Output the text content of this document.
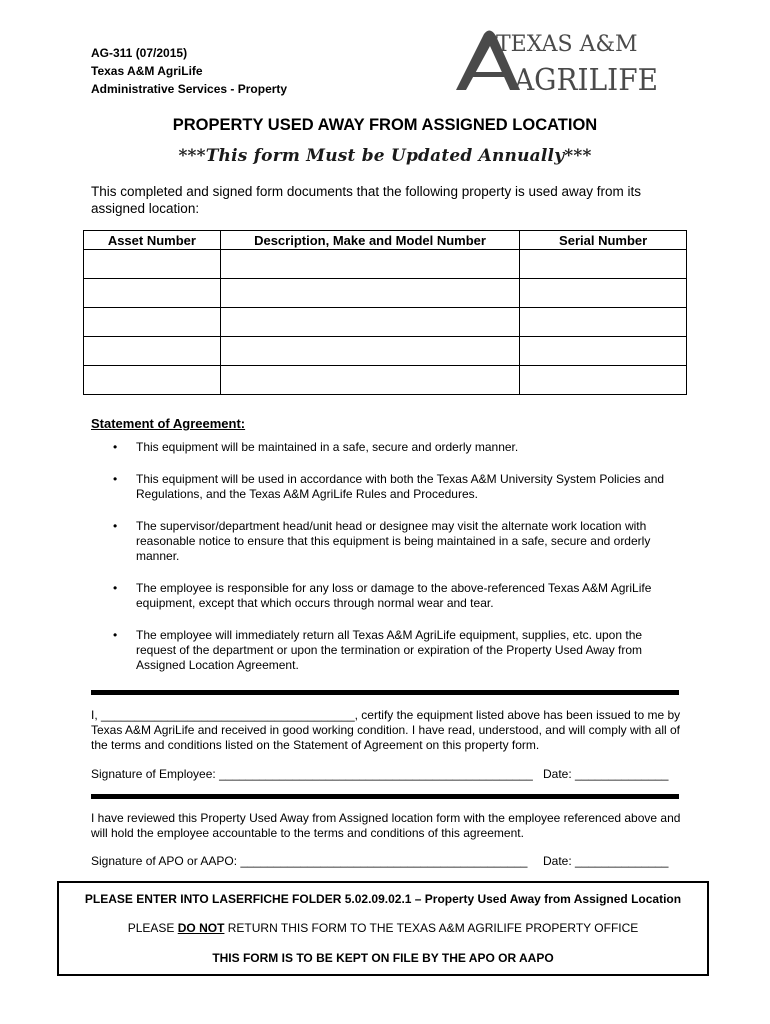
AG-311 (07/2015)
Texas A&M AgriLife
Administrative Services - Property
TEXAS A&M
AGRILIFE
PROPERTY USED AWAY FROM ASSIGNED LOCATION
***This form Must be Updated Annually***
This completed and signed form documents that the following property is used away from its assigned location:
Asset Number	Description, Make and Model Number	Serial Number

Statement of Agreement:
• This equipment will be maintained in a safe, secure and orderly manner.
• This equipment will be used in accordance with both the Texas A&M University System Policies and Regulations, and the Texas A&M AgriLife Rules and Procedures.
• The supervisor/department head/unit head or designee may visit the alternate work location with reasonable notice to ensure that this equipment is being maintained in a safe, secure and orderly manner.
• The employee is responsible for any loss or damage to the above-referenced Texas A&M AgriLife equipment, except that which occurs through normal wear and tear.
• The employee will immediately return all Texas A&M AgriLife equipment, supplies, etc. upon the request of the department or upon the termination or expiration of the Property Used Away from Assigned Location Agreement.
I, ______________________________________, certify the equipment listed above has been issued to me by Texas A&M AgriLife and received in good working condition. I have read, understood, and will comply with all of the terms and conditions listed on the Statement of Agreement on this property form.
Signature of Employee: _______________________________________________ Date: ______________
I have reviewed this Property Used Away from Assigned location form with the employee referenced above and will hold the employee accountable to the terms and conditions of this agreement.
Signature of APO or AAPO: ___________________________________________ Date: ______________
PLEASE ENTER INTO LASERFICHE FOLDER 5.02.09.02.1 – Property Used Away from Assigned Location
PLEASE DO NOT RETURN THIS FORM TO THE TEXAS A&M AGRILIFE PROPERTY OFFICE
THIS FORM IS TO BE KEPT ON FILE BY THE APO OR AAPO
